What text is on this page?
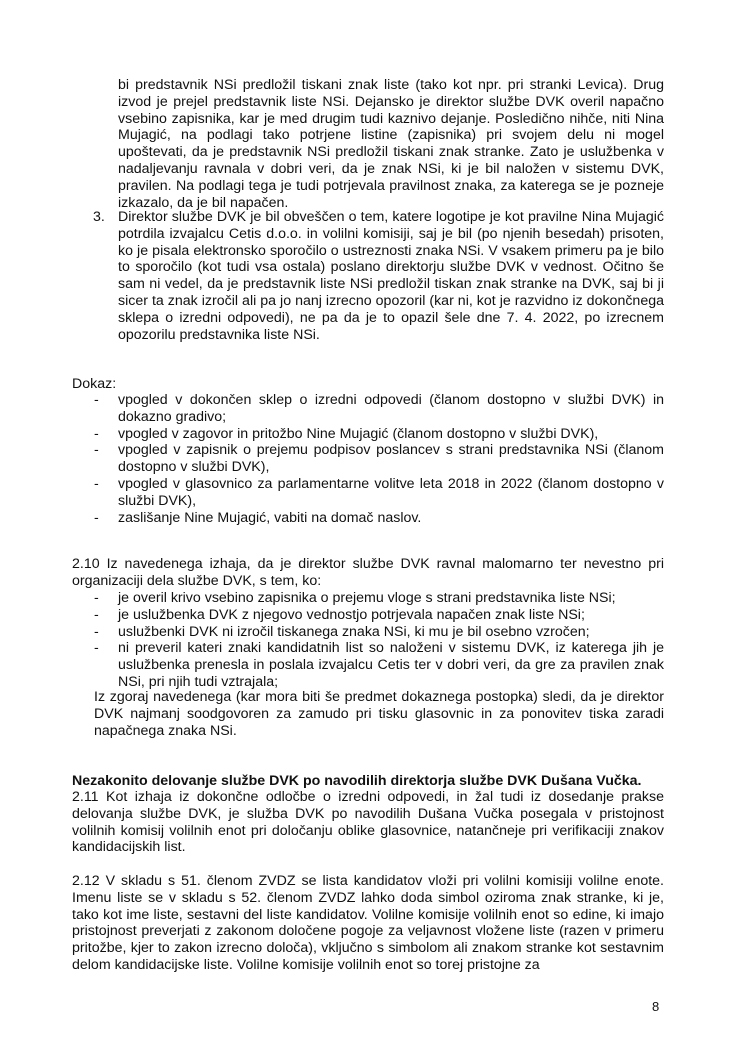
bi predstavnik NSi predložil tiskani znak liste (tako kot npr. pri stranki Levica). Drug izvod je prejel predstavnik liste NSi. Dejansko je direktor službe DVK overil napačno vsebino zapisnika, kar je med drugim tudi kaznivo dejanje. Posledično nihče, niti Nina Mujagić, na podlagi tako potrjene listine (zapisnika) pri svojem delu ni mogel upoštevati, da je predstavnik NSi predložil tiskani znak stranke. Zato je uslužbenka v nadaljevanju ravnala v dobri veri, da je znak NSi, ki je bil naložen v sistemu DVK, pravilen. Na podlagi tega je tudi potrjevala pravilnost znaka, za katerega se je pozneje izkazalo, da je bil napačen.

3. Direktor službe DVK je bil obveščen o tem, katere logotipe je kot pravilne Nina Mujagić potrdila izvajalcu Cetis d.o.o. in volilni komisiji, saj je bil (po njenih besedah) prisoten, ko je pisala elektronsko sporočilo o ustreznosti znaka NSi. V vsakem primeru pa je bilo to sporočilo (kot tudi vsa ostala) poslano direktorju službe DVK v vednost. Očitno še sam ni vedel, da je predstavnik liste NSi predložil tiskan znak stranke na DVK, saj bi ji sicer ta znak izročil ali pa jo nanj izrecno opozoril (kar ni, kot je razvidno iz dokončnega sklepa o izredni odpovedi), ne pa da je to opazil šele dne 7. 4. 2022, po izrecnem opozorilu predstavnika liste NSi.

Dokaz:
- vpogled v dokončen sklep o izredni odpovedi (članom dostopno v službi DVK) in dokazno gradivo;
- vpogled v zagovor in pritožbo Nine Mujagić (članom dostopno v službi DVK),
- vpogled v zapisnik o prejemu podpisov poslancev s strani predstavnika NSi (članom dostopno v službi DVK),
- vpogled v glasovnico za parlamentarne volitve leta 2018 in 2022 (članom dostopno v službi DVK),
- zaslišanje Nine Mujagić, vabiti na domač naslov.

2.10 Iz navedenega izhaja, da je direktor službe DVK ravnal malomarno ter nevestno pri organizaciji dela službe DVK, s tem, ko:

- je overil krivo vsebino zapisnika o prejemu vloge s strani predstavnika liste NSi;
- je uslužbenka DVK z njegovo vednostjo potrjevala napačen znak liste NSi;
- uslužbenki DVK ni izročil tiskanega znaka NSi, ki mu je bil osebno vzročen;
- ni preveril kateri znaki kandidatnih list so naloženi v sistemu DVK, iz katerega jih je uslužbenka prenesla in poslala izvajalcu Cetis ter v dobri veri, da gre za pravilen znak NSi, pri njih tudi vztrajala;

Iz zgoraj navedenega (kar mora biti še predmet dokaznega postopka) sledi, da je direktor DVK najmanj soodgovoren za zamudo pri tisku glasovnic in za ponovitev tiska zaradi napačnega znaka NSi.

Nezakonito delovanje službe DVK po navodilih direktorja službe DVK Dušana Vučka.

2.11 Kot izhaja iz dokončne odločbe o izredni odpovedi, in žal tudi iz dosedanje prakse delovanja službe DVK, je služba DVK po navodilih Dušana Vučka posegala v pristojnost volilnih komisij volilnih enot pri določanju oblike glasovnice, natančneje pri verifikaciji znakov kandidacijskih list.

2.12 V skladu s 51. členom ZVDZ se lista kandidatov vloži pri volilni komisiji volilne enote. Imenu liste se v skladu s 52. členom ZVDZ lahko doda simbol oziroma znak stranke, ki je, tako kot ime liste, sestavni del liste kandidatov. Volilne komisije volilnih enot so edine, ki imajo pristojnost preverjati z zakonom določene pogoje za veljavnost vložene liste (razen v primeru pritožbe, kjer to zakon izrecno določa), vključno s simbolom ali znakom stranke kot sestavnim delom kandidacijske liste. Volilne komisije volilnih enot so torej pristojne za

8
